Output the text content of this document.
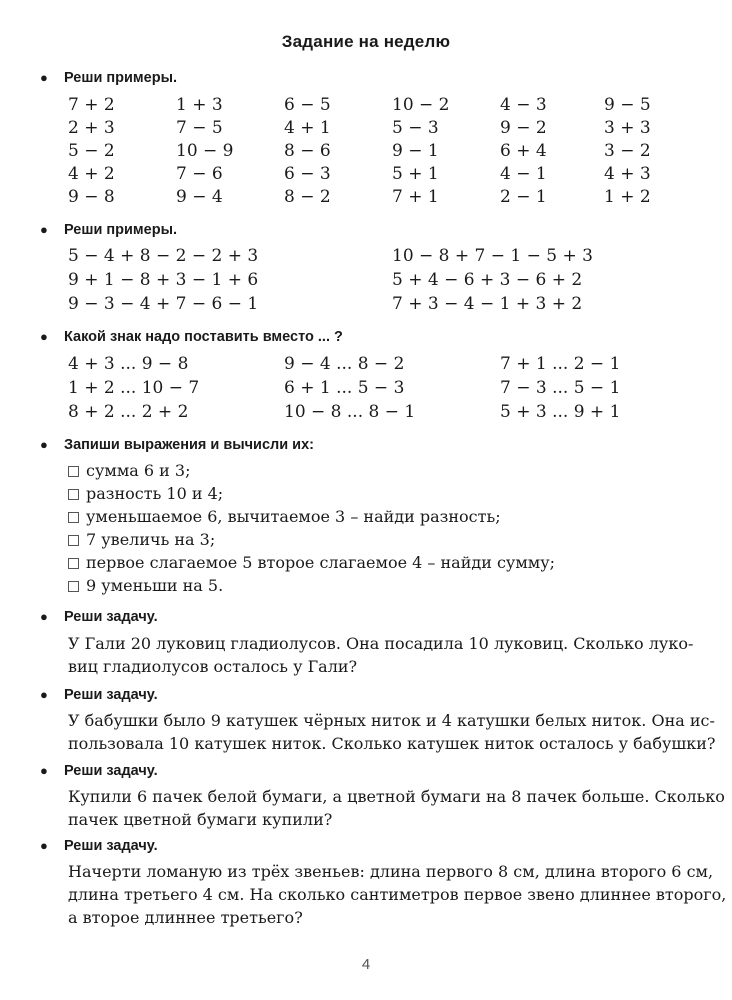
Задание на неделю
● Реши примеры.
7 + 2	1 + 3	6 − 5	10 − 2	4 − 3	9 − 5
2 + 3	7 − 5	4 + 1	5 − 3	9 − 2	3 + 3
5 − 2	10 − 9	8 − 6	9 − 1	6 + 4	3 − 2
4 + 2	7 − 6	6 − 3	5 + 1	4 − 1	4 + 3
9 − 8	9 − 4	8 − 2	7 + 1	2 − 1	1 + 2
● Реши примеры.
5 − 4 + 8 − 2 − 2 + 3	10 − 8 + 7 − 1 − 5 + 3
9 + 1 − 8 + 3 − 1 + 6	5 + 4 − 6 + 3 − 6 + 2
9 − 3 − 4 + 7 − 6 − 1	7 + 3 − 4 − 1 + 3 + 2
● Какой знак надо поставить вместо ... ?
4 + 3 ... 9 − 8	9 − 4 ... 8 − 2	7 + 1 ... 2 − 1
1 + 2 ... 10 − 7	6 + 1 ... 5 − 3	7 − 3 ... 5 − 1
8 + 2 ... 2 + 2	10 − 8 ... 8 − 1	5 + 3 ... 9 + 1
● Запиши выражения и вычисли их:
сумма 6 и 3;
разность 10 и 4;
уменьшаемое 6, вычитаемое 3 – найди разность;
7 увеличь на 3;
первое слагаемое 5 второе слагаемое 4 – найди сумму;
9 уменьши на 5.
● Реши задачу.
У Гали 20 луковиц гладиолусов. Она посадила 10 луковиц. Сколько луко-
виц гладиолусов осталось у Гали?
● Реши задачу.
У бабушки было 9 катушек чёрных ниток и 4 катушки белых ниток. Она ис-
пользовала 10 катушек ниток. Сколько катушек ниток осталось у бабушки?
● Реши задачу.
Купили 6 пачек белой бумаги, а цветной бумаги на 8 пачек больше. Сколько
пачек цветной бумаги купили?
● Реши задачу.
Начерти ломаную из трёх звеньев: длина первого 8 см, длина второго 6 см,
длина третьего 4 см. На сколько сантиметров первое звено длиннее второго,
а второе длиннее третьего?
4
